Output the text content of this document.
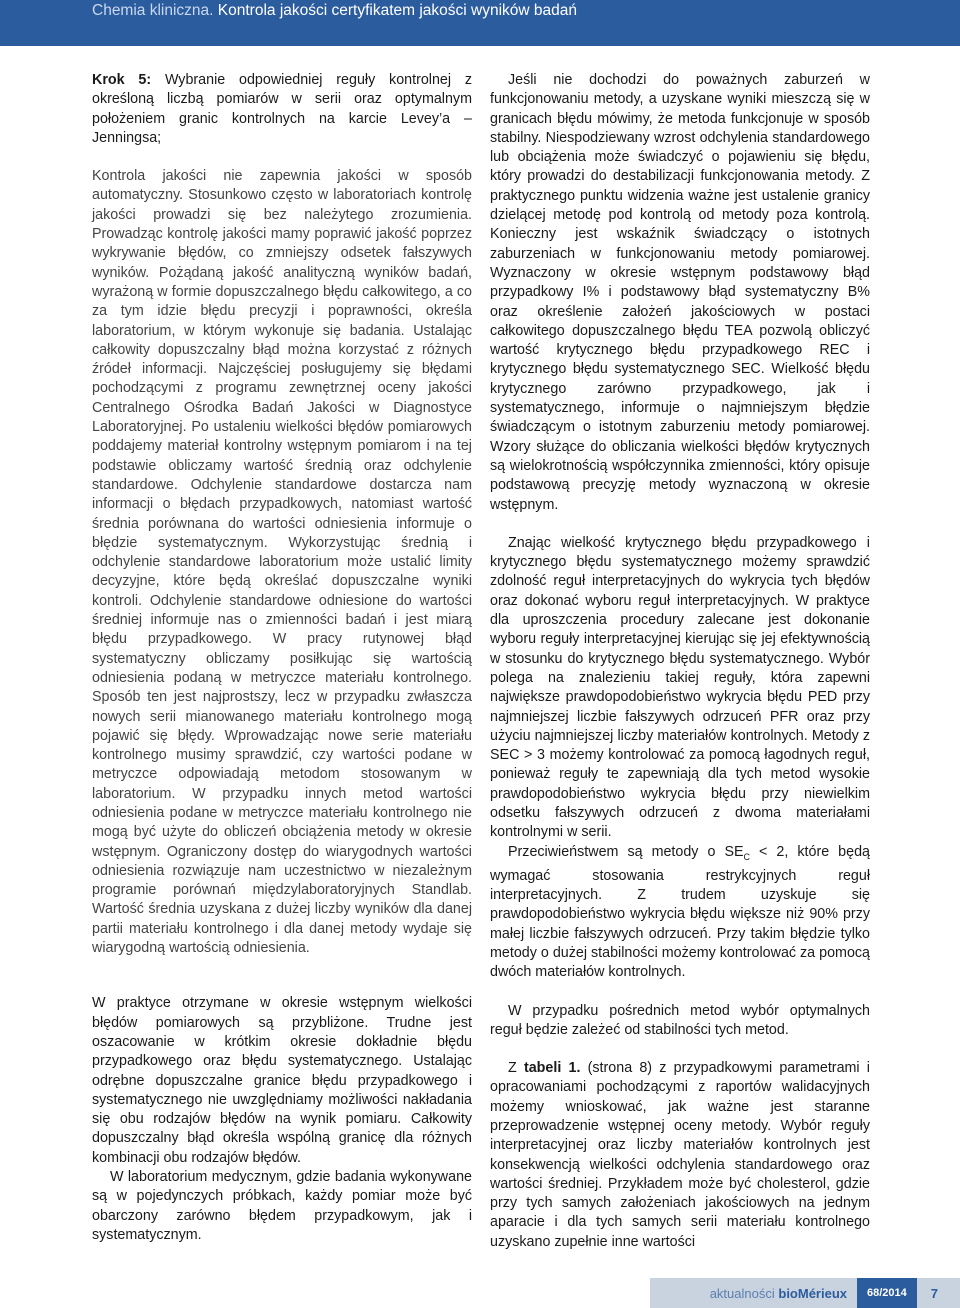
Chemia kliniczna. Kontrola jakości certyfikatem jakości wyników badań

Krok 5: Wybranie odpowiedniej reguły kontrolnej z określoną liczbą pomiarów w serii oraz optymalnym położeniem granic kontrolnych na karcie Levey’a – Jenningsa;

Kontrola jakości nie zapewnia jakości w sposób automatyczny. Stosunkowo często w laboratoriach kontrolę jakości prowadzi się bez należytego zrozumienia. Prowadząc kontrolę jakości mamy poprawić jakość poprzez wykrywanie błędów, co zmniejszy odsetek fałszywych wyników. Pożądaną jakość analityczną wyników badań, wyrażoną w formie dopuszczalnego błędu całkowitego, a co za tym idzie błędu precyzji i poprawności, określa laboratorium, w którym wykonuje się badania. Ustalając całkowity dopuszczalny błąd można korzystać z różnych źródeł informacji. Najczęściej posługujemy się błędami pochodzącymi z programu zewnętrznej oceny jakości Centralnego Ośrodka Badań Jakości w Diagnostyce Laboratoryjnej. Po ustaleniu wielkości błędów pomiarowych poddajemy materiał kontrolny wstępnym pomiarom i na tej podstawie obliczamy wartość średnią oraz odchylenie standardowe. Odchylenie standardowe dostarcza nam informacji o błędach przypadkowych, natomiast wartość średnia porównana do wartości odniesienia informuje o błędzie systematycznym. Wykorzystując średnią i odchylenie standardowe laboratorium może ustalić limity decyzyjne, które będą określać dopuszczalne wyniki kontroli. Odchylenie standardowe odniesione do wartości średniej informuje nas o zmienności badań i jest miarą błędu przypadkowego. W pracy rutynowej błąd systematyczny obliczamy posiłkując się wartością odniesienia podaną w metryczce materiału kontrolnego. Sposób ten jest najprostszy, lecz w przypadku zwłaszcza nowych serii mianowanego materiału kontrolnego mogą pojawić się błędy. Wprowadzając nowe serie materiału kontrolnego musimy sprawdzić, czy wartości podane w metryczce odpowiadają metodom stosowanym w laboratorium. W przypadku innych metod wartości odniesienia podane w metryczce materiału kontrolnego nie mogą być użyte do obliczeń obciążenia metody w okresie wstępnym. Ograniczony dostęp do wiarygodnych wartości odniesienia rozwiązuje nam uczestnictwo w niezależnym programie porównań międzylaboratoryjnych Standlab. Wartość średnia uzyskana z dużej liczby wyników dla danej partii materiału kontrolnego i dla danej metody wydaje się wiarygodną wartością odniesienia.

W praktyce otrzymane w okresie wstępnym wielkości błędów pomiarowych są przybliżone. Trudne jest oszacowanie w krótkim okresie dokładnie błędu przypadkowego oraz błędu systematycznego. Ustalając odrębne dopuszczalne granice błędu przypadkowego i systematycznego nie uwzględniamy możliwości nakładania się obu rodzajów błędów na wynik pomiaru. Całkowity dopuszczalny błąd określa wspólną granicę dla różnych kombinacji obu rodzajów błędów.

W laboratorium medycznym, gdzie badania wykonywane są w pojedynczych próbkach, każdy pomiar może być obarczony zarówno błędem przypadkowym, jak i systematycznym.

Jeśli nie dochodzi do poważnych zaburzeń w funkcjonowaniu metody, a uzyskane wyniki mieszczą się w granicach błędu mówimy, że metoda funkcjonuje w sposób stabilny. Niespodziewany wzrost odchylenia standardowego lub obciążenia może świadczyć o pojawieniu się błędu, który prowadzi do destabilizacji funkcjonowania metody. Z praktycznego punktu widzenia ważne jest ustalenie granicy dzielącej metodę pod kontrolą od metody poza kontrolą. Konieczny jest wskaźnik świadczący o istotnych zaburzeniach w funkcjonowaniu metody pomiarowej. Wyznaczony w okresie wstępnym podstawowy błąd przypadkowy I% i podstawowy błąd systematyczny B% oraz określenie założeń jakościowych w postaci całkowitego dopuszczalnego błędu TEA pozwolą obliczyć wartość krytycznego błędu przypadkowego REC i krytycznego błędu systematycznego SEC. Wielkość błędu krytycznego zarówno przypadkowego, jak i systematycznego, informuje o najmniejszym błędzie świadczącym o istotnym zaburzeniu metody pomiarowej. Wzory służące do obliczania wielkości błędów krytycznych są wielokrotnością współczynnika zmienności, który opisuje podstawową precyzję metody wyznaczoną w okresie wstępnym.

Znając wielkość krytycznego błędu przypadkowego i krytycznego błędu systematycznego możemy sprawdzić zdolność reguł interpretacyjnych do wykrycia tych błędów oraz dokonać wyboru reguł interpretacyjnych. W praktyce dla uproszczenia procedury zalecane jest dokonanie wyboru reguły interpretacyjnej kierując się jej efektywnością w stosunku do krytycznego błędu systematycznego. Wybór polega na znalezieniu takiej reguły, która zapewni największe prawdopodobieństwo wykrycia błędu PED przy najmniejszej liczbie fałszywych odrzuceń PFR oraz przy użyciu najmniejszej liczby materiałów kontrolnych. Metody z SEC > 3 możemy kontrolować za pomocą łagodnych reguł, ponieważ reguły te zapewniają dla tych metod wysokie prawdopodobieństwo wykrycia błędu przy niewielkim odsetku fałszywych odrzuceń z dwoma materiałami kontrolnymi w serii.

Przeciwieństwem są metody o $SE_C < 2$, które będą wymagać stosowania restrykcyjnych reguł interpretacyjnych. Z trudem uzyskuje się prawdopodobieństwo wykrycia błędu większe niż 90% przy małej liczbie fałszywych odrzuceń. Przy takim błędzie tylko metody o dużej stabilności możemy kontrolować za pomocą dwóch materiałów kontrolnych.

W przypadku pośrednich metod wybór optymalnych reguł będzie zależeć od stabilności tych metod.

Z tabeli 1. (strona 8) z przypadkowymi parametrami i opracowaniami pochodzącymi z raportów walidacyjnych możemy wnioskować, jak ważne jest staranne przeprowadzenie wstępnej oceny metody. Wybór reguły interpretacyjnej oraz liczby materiałów kontrolnych jest konsekwencją wielkości odchylenia standardowego oraz wartości średniej. Przykładem może być cholesterol, gdzie przy tych samych założeniach jakościowych na jednym aparacie i dla tych samych serii materiału kontrolnego uzyskano zupełnie inne wartości

aktualności bioMérieux	68/2014	7
